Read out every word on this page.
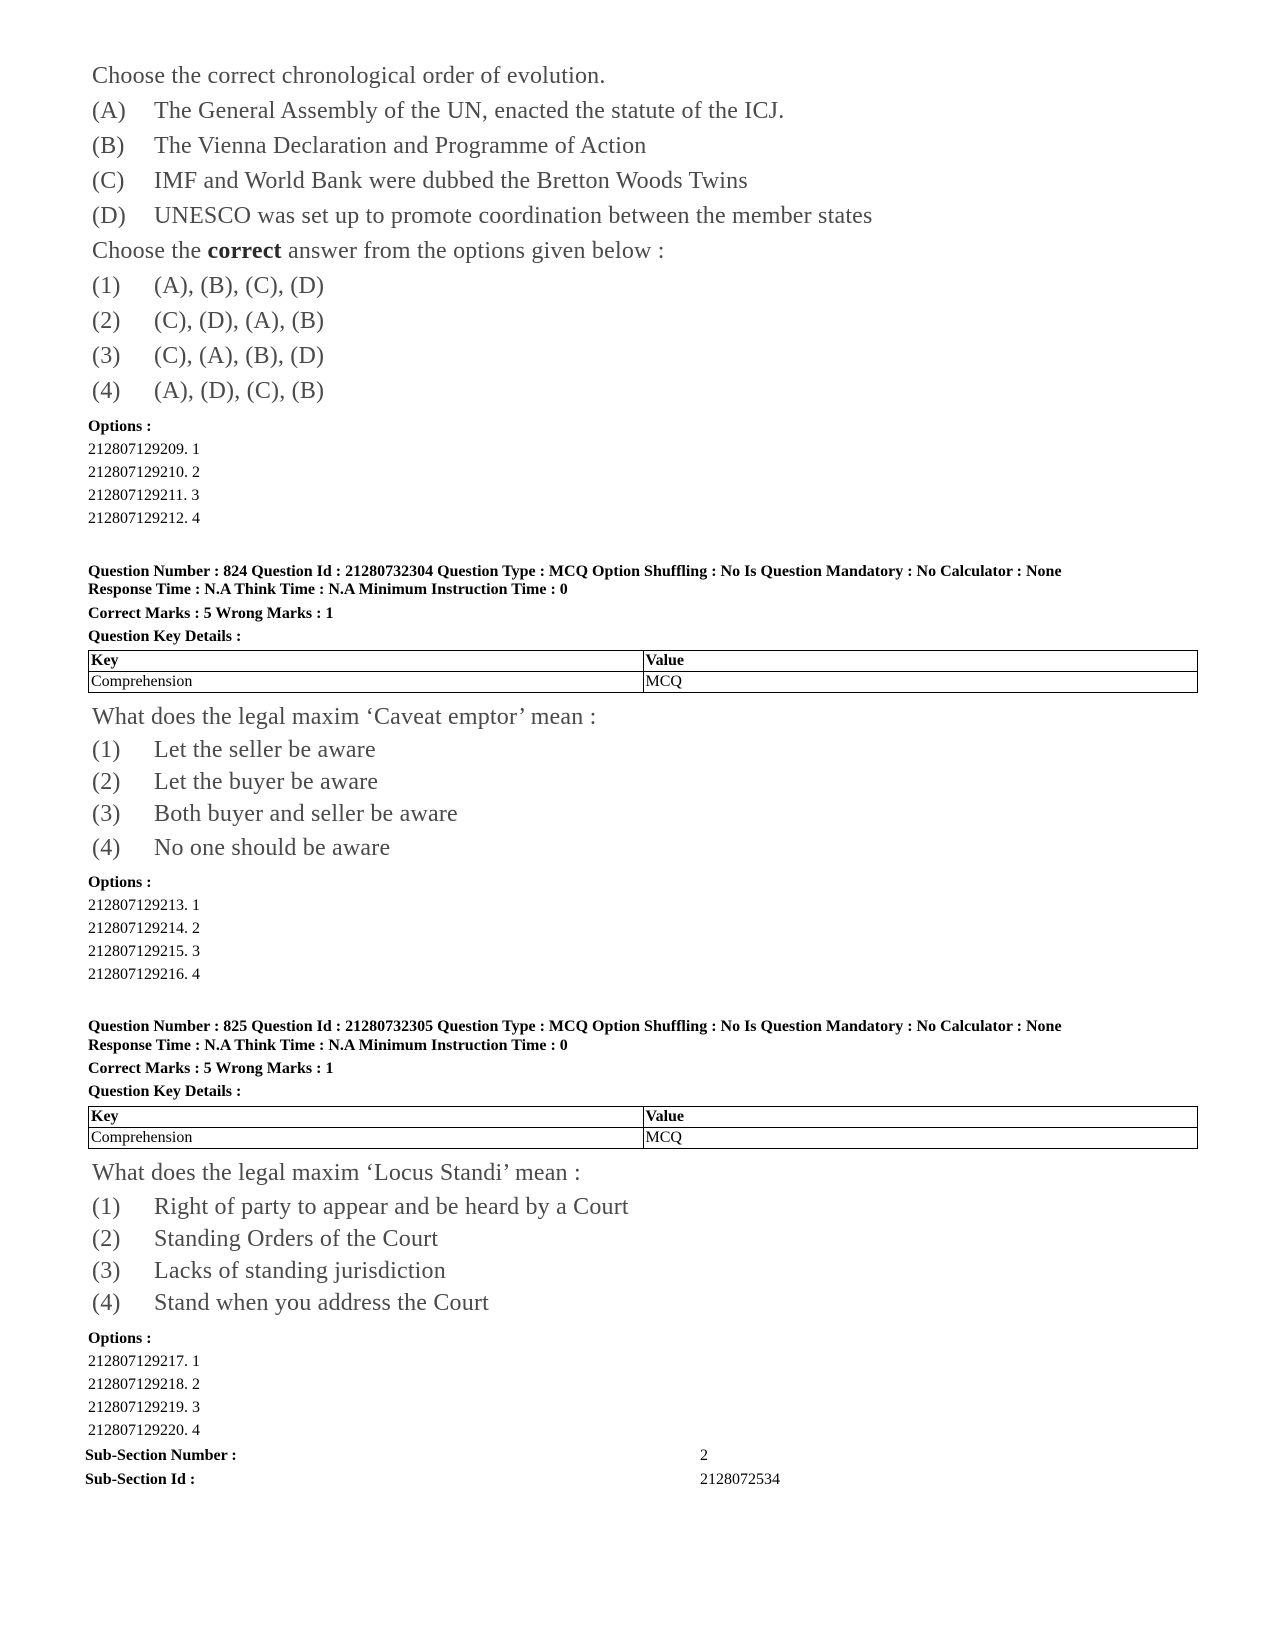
Choose the correct chronological order of evolution.
(A) The General Assembly of the UN, enacted the statute of the ICJ.
(B) The Vienna Declaration and Programme of Action
(C) IMF and World Bank were dubbed the Bretton Woods Twins
(D) UNESCO was set up to promote coordination between the member states
Choose the correct answer from the options given below :
(1) (A), (B), (C), (D)
(2) (C), (D), (A), (B)
(3) (C), (A), (B), (D)
(4) (A), (D), (C), (B)
Options :
212807129209. 1
212807129210. 2
212807129211. 3
212807129212. 4
Question Number : 824 Question Id : 21280732304 Question Type : MCQ Option Shuffling : No Is Question Mandatory : No Calculator : None
Response Time : N.A Think Time : N.A Minimum Instruction Time : 0
Correct Marks : 5 Wrong Marks : 1
Question Key Details :
Key	Value
Comprehension	MCQ
What does the legal maxim ‘Caveat emptor’ mean :
(1) Let the seller be aware
(2) Let the buyer be aware
(3) Both buyer and seller be aware
(4) No one should be aware
Options :
212807129213. 1
212807129214. 2
212807129215. 3
212807129216. 4
Question Number : 825 Question Id : 21280732305 Question Type : MCQ Option Shuffling : No Is Question Mandatory : No Calculator : None
Response Time : N.A Think Time : N.A Minimum Instruction Time : 0
Correct Marks : 5 Wrong Marks : 1
Question Key Details :
Key	Value
Comprehension	MCQ
What does the legal maxim ‘Locus Standi’ mean :
(1) Right of party to appear and be heard by a Court
(2) Standing Orders of the Court
(3) Lacks of standing jurisdiction
(4) Stand when you address the Court
Options :
212807129217. 1
212807129218. 2
212807129219. 3
212807129220. 4
Sub-Section Number :	2
Sub-Section Id :	2128072534
